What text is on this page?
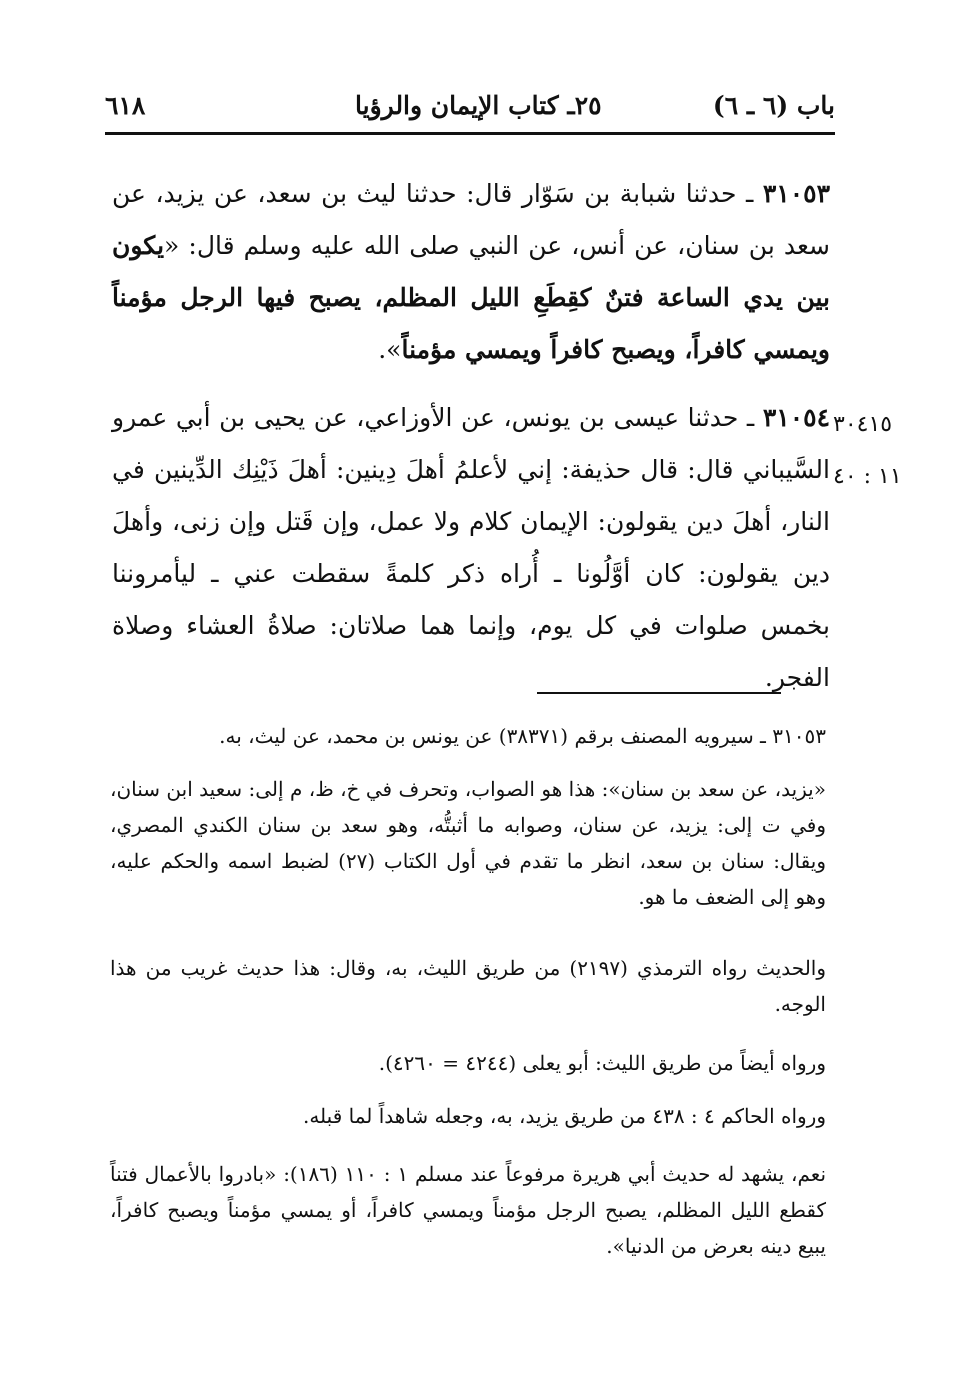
٦١٨	٢٥ـ كتاب الإيمان والرؤيا	باب (٦ ـ ٦)

٣١٠٥٣ ـ حدثنا شبابة بن سَوّار قال: حدثنا ليث بن سعد، عن يزيد، عن سعد بن سنان، عن أنس، عن النبي صلى الله عليه وسلم قال: «يكون بين يدي الساعة فتنٌ كقِطَعِ الليل المظلم، يصبح فيها الرجل مؤمناً ويمسي كافراً، ويصبح كافراً ويمسي مؤمناً».

٣٠٤١٥
١١ : ٤٠

٣١٠٥٤ ـ حدثنا عيسى بن يونس، عن الأوزاعي، عن يحيى بن أبي عمرو السَّيباني قال: قال حذيفة: إني لأعلمُ أهلَ دِينين: أهلَ ذَيْنِك الدِّينين في النار، أهلَ دين يقولون: الإيمان كلام ولا عمل، وإن قَتل وإن زنى، وأهلَ دين يقولون: كان أوَّلُونا ـ أُراه ذكر كلمةً سقطت عني ـ ليأمروننا بخمس صلوات في كل يوم، وإنما هما صلاتان: صلاةُ العشاء وصلاة الفجر.

٣١٠٥٣ ـ سيرويه المصنف برقم (٣٨٣٧١) عن يونس بن محمد، عن ليث، به.

«يزيد، عن سعد بن سنان»: هذا هو الصواب، وتحرف في خ، ظ، م إلى: سعيد ابن سنان، وفي ت إلى: يزيد، عن سنان، وصوابه ما أثبتُّه، وهو سعد بن سنان الكندي المصري، ويقال: سنان بن سعد، انظر ما تقدم في أول الكتاب (٢٧) لضبط اسمه والحكم عليه، وهو إلى الضعف ما هو.

والحديث رواه الترمذي (٢١٩٧) من طريق الليث، به، وقال: هذا حديث غريب من هذا الوجه.

ورواه أيضاً من طريق الليث: أبو يعلى (٤٢٤٤ = ٤٢٦٠).

ورواه الحاكم ٤ : ٤٣٨ من طريق يزيد، به، وجعله شاهداً لما قبله.

نعم، يشهد له حديث أبي هريرة مرفوعاً عند مسلم ١ : ١١٠ (١٨٦): «بادروا بالأعمال فتناً كقطع الليل المظلم، يصبح الرجل مؤمناً ويمسي كافراً، أو يمسي مؤمناً ويصبح كافراً، يبيع دينه بعرض من الدنيا».
